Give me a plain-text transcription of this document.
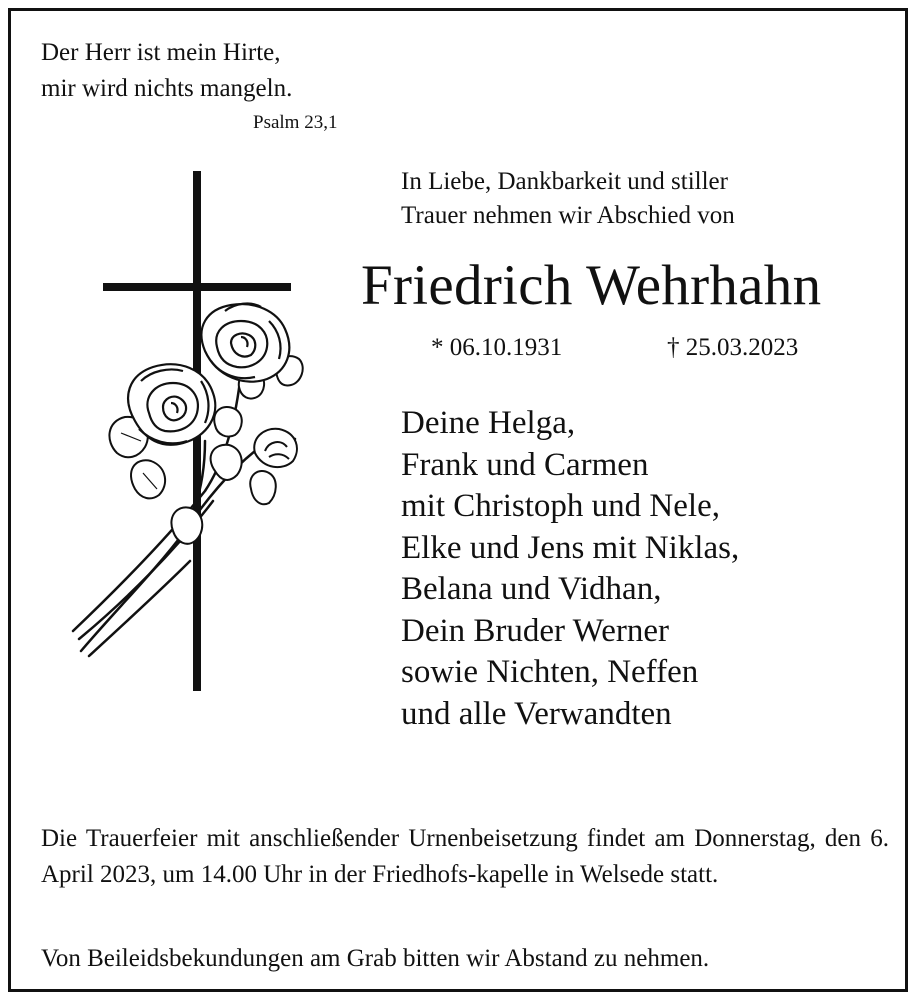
Der Herr ist mein Hirte,
mir wird nichts mangeln.
Psalm 23,1
In Liebe, Dankbarkeit und stiller
Trauer nehmen wir Abschied von
Friedrich Wehrhahn
* 06.10.1931	† 25.03.2023
Deine Helga,
Frank und Carmen
mit Christoph und Nele,
Elke und Jens mit Niklas,
Belana und Vidhan,
Dein Bruder Werner
sowie Nichten, Neffen
und alle Verwandten
Die Trauerfeier mit anschließender Urnenbeisetzung findet am Donnerstag, den 6. April 2023, um 14.00 Uhr in der Friedhofs-kapelle in Welsede statt.
Von Beileidsbekundungen am Grab bitten wir Abstand zu nehmen.
